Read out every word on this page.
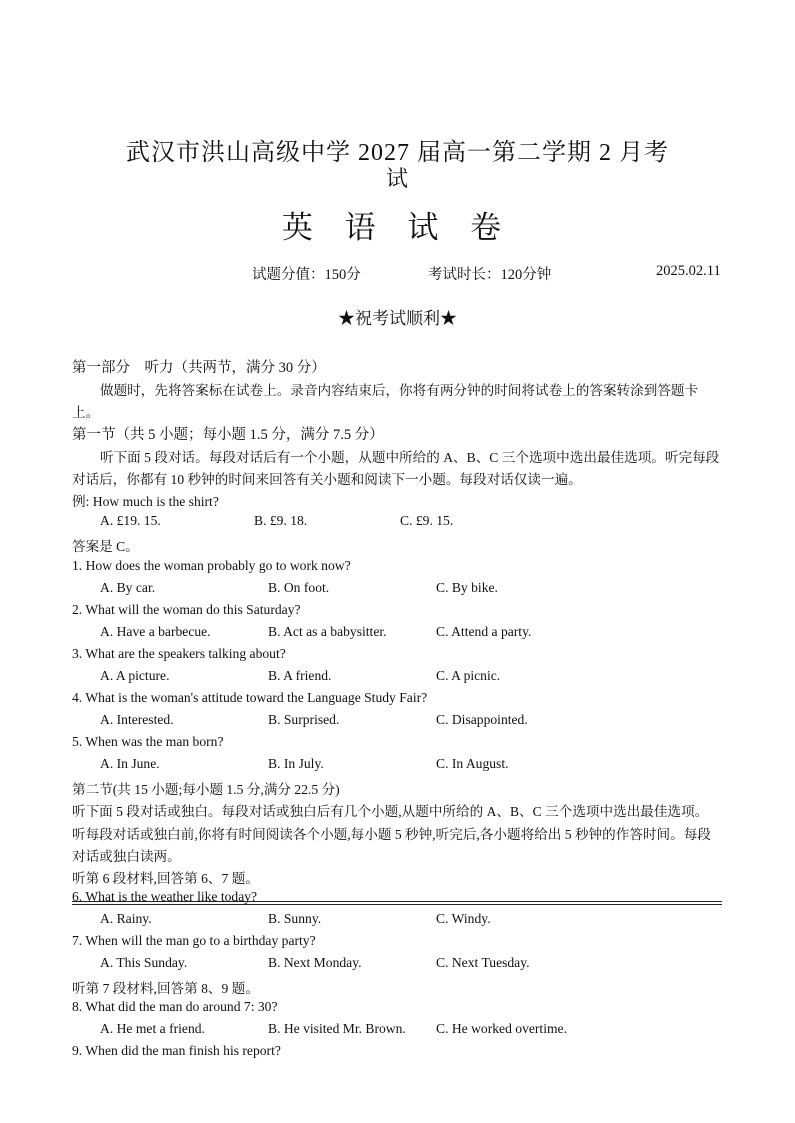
武汉市洪山高级中学 2027 届高一第二学期 2 月考
试
英 语 试 卷
试题分值：150分	考试时长：120分钟	2025.02.11
★祝考试顺利★
第一部分　听力（共两节，满分 30 分）
做题时，先将答案标在试卷上。录音内容结束后，你将有两分钟的时间将试卷上的答案转涂到答题卡
上。
第一节（共 5 小题；每小题 1.5 分，满分 7.5 分）
听下面 5 段对话。每段对话后有一个小题，从题中所给的 A、B、C 三个选项中选出最佳选项。听完每段
对话后，你都有 10 秒钟的时间来回答有关小题和阅读下一小题。每段对话仅读一遍。
例: How much is the shirt?
A. £19. 15.	B. £9. 18.	C. £9. 15.
答案是 C。
1. How does the woman probably go to work now?
A. By car.	B. On foot.	C. By bike.
2. What will the woman do this Saturday?
A. Have a barbecue.	B. Act as a babysitter.	C. Attend a party.
3. What are the speakers talking about?
A. A picture.	B. A friend.	C. A picnic.
4. What is the woman's attitude toward the Language Study Fair?
A. Interested.	B. Surprised.	C. Disappointed.
5. When was the man born?
A. In June.	B. In July.	C. In August.
第二节(共 15 小题;每小题 1.5 分,满分 22.5 分)
听下面 5 段对话或独白。每段对话或独白后有几个小题,从题中所给的 A、B、C 三个选项中选出最佳选项。
听每段对话或独白前,你将有时间阅读各个小题,每小题 5 秒钟,听完后,各小题将给出 5 秒钟的作答时间。每段
对话或独白读两。
听第 6 段材料,回答第 6、7 题。
6. What is the weather like today?
A. Rainy.	B. Sunny.	C. Windy.
7. When will the man go to a birthday party?
A. This Sunday.	B. Next Monday.	C. Next Tuesday.
听第 7 段材料,回答第 8、9 题。
8. What did the man do around 7: 30?
A. He met a friend.	B. He visited Mr. Brown. C. He worked overtime.
9. When did the man finish his report?
